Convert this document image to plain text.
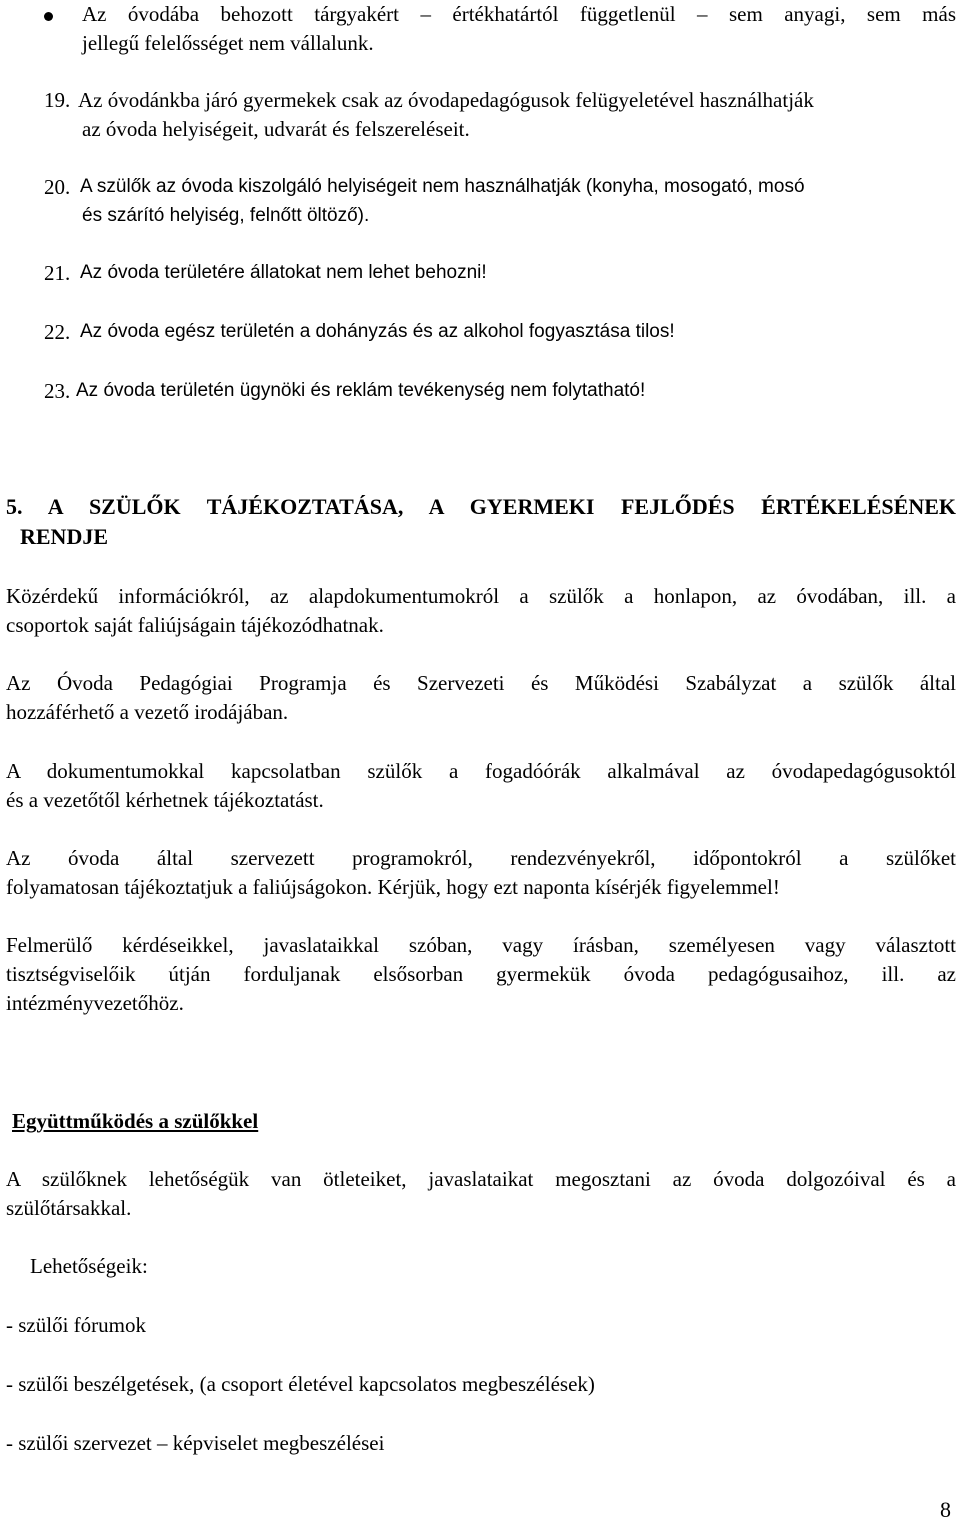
Az óvodába behozott tárgyakért – értékhatártól függetlenül – sem anyagi, sem más
jellegű felelősséget nem vállalunk.
19. Az óvodánkba járó gyermekek csak az óvodapedagógusok felügyeletével használhatják
az óvoda helyiségeit, udvarát és felszereléseit.
20. A szülők az óvoda kiszolgáló helyiségeit nem használhatják (konyha, mosogató, mosó
és szárító helyiség, felnőtt öltöző).
21. Az óvoda területére állatokat nem lehet behozni!
22. Az óvoda egész területén a dohányzás és az alkohol fogyasztása tilos!
23. Az óvoda területén ügynöki és reklám tevékenység nem folytatható!
5. A SZÜLŐK TÁJÉKOZTATÁSA, A GYERMEKI FEJLŐDÉS ÉRTÉKELÉSÉNEK
RENDJE
Közérdekű információkról, az alapdokumentumokról a szülők a honlapon, az óvodában, ill. a
csoportok saját faliújságain tájékozódhatnak.
Az Óvoda Pedagógiai Programja és Szervezeti és Működési Szabályzat a szülők által
hozzáférhető a vezető irodájában.
A dokumentumokkal kapcsolatban szülők a fogadóórák alkalmával az óvodapedagógusoktól
és a vezetőtől kérhetnek tájékoztatást.
Az óvoda által szervezett programokról, rendezvényekről, időpontokról a szülőket
folyamatosan tájékoztatjuk a faliújságokon. Kérjük, hogy ezt naponta kísérjék figyelemmel!
Felmerülő kérdéseikkel, javaslataikkal szóban, vagy írásban, személyesen vagy választott
tisztségviselőik útján forduljanak elsősorban gyermekük óvoda pedagógusaihoz, ill. az
intézményvezetőhöz.
Együttműködés a szülőkkel
A szülőknek lehetőségük van ötleteiket, javaslataikat megosztani az óvoda dolgozóival és a
szülőtársakkal.
Lehetőségeik:
- szülői fórumok
- szülői beszélgetések, (a csoport életével kapcsolatos megbeszélések)
- szülői szervezet – képviselet megbeszélései
8
